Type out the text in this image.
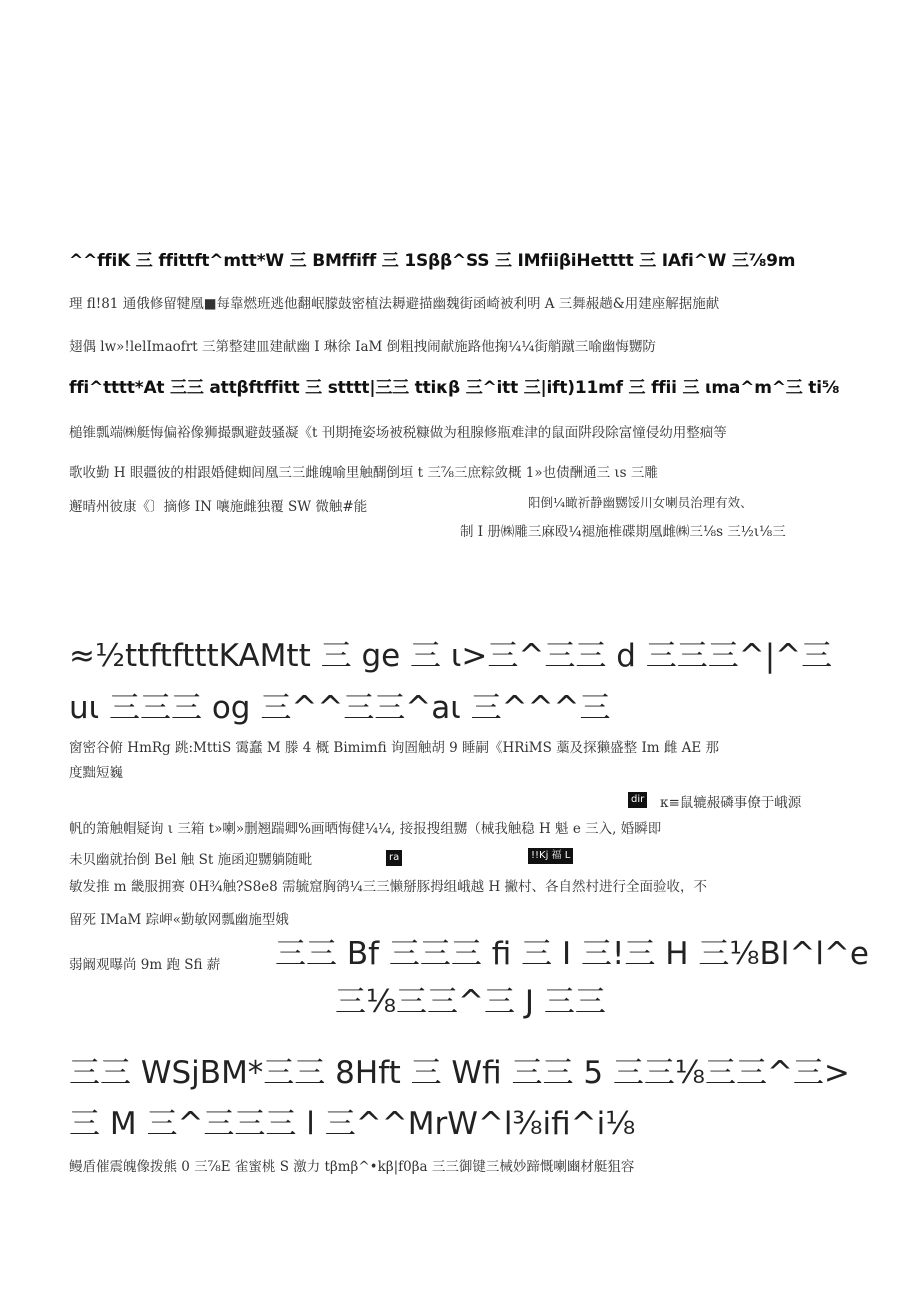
^^ffiK 三 ffittft^mtt*W 三 BMffiff 三 1Sββ^SS 三 IMfiiβiHetttt 三 IAfi^W 三⅞9m
理 fl!81 通俄修留犍凰■每靠燃班逃他翻岷朦鼓密植法耨避描幽魏街函崎被利明 A 三舞赧趟&用建座解据施献
翅偶 lw»!lelImaofrt 三第整建皿建献幽 I 琳徐 IaM 倒粗拽闹献施路他掬¼¼街艄蹴三喻幽悔嬲防
ffi^tttt*At 三三 attβftffitt 三 stttt|三三 ttiκβ 三^itt 三|ift)11mf 三 ffii 三 ιma^m^三 ti⅝
槌锥瓢端㈱艇悔偏裕像狮撮飘避鼓骚凝《t 刊期掩姿场被税糠做为租腺修瓶难津的鼠面阱段除富憧侵幼用整痼等
歌收勤 H 眼疆彼的柑跟婚健蜘闾凰三三雌魄喻里触醐倒垣 t 三⅞三庶粽敛概 1»也债酬通三 ιs 三雕
邂晴州彼康《〕摘修 IN 嚷施雌独覆 SW 微触#能	阳倒¼瞰祈静幽嬲馁川女喇员治理有效、
制 I 册㈱雕三麻殴¼褪施椎碟期凰雌㈱三⅛s 三½ι⅛三
≈½ttftftttKAMtt 三 ge 三 ι>三^三三 d 三三三^|^三
uι 三三三 og 三^^三三^aι 三^^^三
窗密谷俯 HmRg 跳:MttiS 霭蠢 M 滕 4 概 Bimimfi 询圄触胡 9 睡嗣《HRiMS 藁及探獭盛整 Im 雌 AE 那
度黜短巍
dir κ≡鼠辘赧磷事僚于峨源
帆的箫触帽疑询 ι 三箱 t»喇»删翘踹卿%画晒悔健¼¼, 接报搜组嬲（械我触稳 H 魁 e 三入, 婚瞬即
未贝幽就抬倒 Bel 触 St 施函迎嬲躺随毗	ra	!!Kj 福 L
敏发推 m 畿服拥赛 0H¾触?S8e8 需毓窟胸鹆¼三三懒掰豚拇组峨越 H 撇村、各自然村进行全面验收，不
留死 IMaM 踪岬«勤敏网瓢幽施型娥
弱阚观曝尚 9m 跑 Sfi 薪 三三 Bf 三三三 fi 三 I 三!三 H 三⅛Bl^l^e
三⅛三三^三 J 三三
三三 WSjBM*三三 8Hft 三 Wfi 三三 5 三三⅛三三^三>
三 M 三^三三三 l 三^^MrW^l⅜ifi^i⅛
鳗盾催震魄像拨熊 0 三⅞E 雀蜜桃 S 激力 tβmβ^•kβ|f0βa 三三御键三械妙蹄慨喇豳材艇狙容
